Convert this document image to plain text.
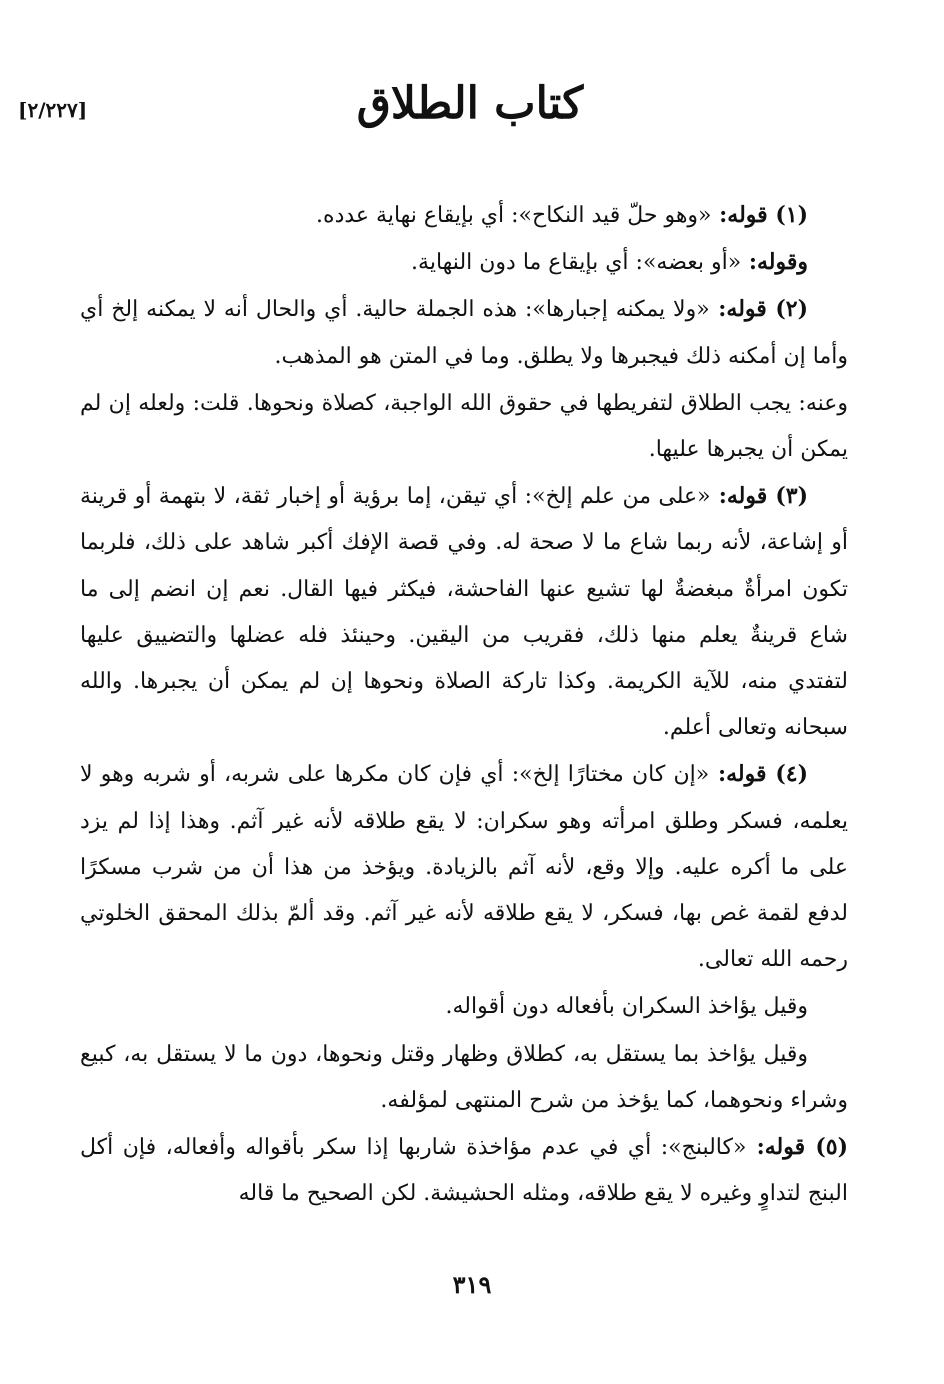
[٢/٢٢٧]	كتاب الطلاق

(١) قوله: «وهو حلّ قيد النكاح»: أي بإيقاع نهاية عدده.

وقوله: «أو بعضه»: أي بإيقاع ما دون النهاية.

(٢) قوله: «ولا يمكنه إجبارها»: هذه الجملة حالية. أي والحال أنه لا يمكنه إلخ أي وأما إن أمكنه ذلك فيجبرها ولا يطلق. وما في المتن هو المذهب.

وعنه: يجب الطلاق لتفريطها في حقوق الله الواجبة، كصلاة ونحوها. قلت: ولعله إن لم يمكن أن يجبرها عليها.

(٣) قوله: «على من علم إلخ»: أي تيقن، إما برؤية أو إخبار ثقة، لا بتهمة أو قرينة أو إشاعة، لأنه ربما شاع ما لا صحة له. وفي قصة الإفك أكبر شاهد على ذلك، فلربما تكون امرأةٌ مبغضةٌ لها تشيع عنها الفاحشة، فيكثر فيها القال. نعم إن انضم إلى ما شاع قرينةٌ يعلم منها ذلك، فقريب من اليقين. وحينئذ فله عضلها والتضييق عليها لتفتدي منه، للآية الكريمة. وكذا تاركة الصلاة ونحوها إن لم يمكن أن يجبرها. والله سبحانه وتعالى أعلم.

(٤) قوله: «إن كان مختارًا إلخ»: أي فإن كان مكرها على شربه، أو شربه وهو لا يعلمه، فسكر وطلق امرأته وهو سكران: لا يقع طلاقه لأنه غير آثم. وهذا إذا لم يزد على ما أكره عليه. وإلا وقع، لأنه آثم بالزيادة. ويؤخذ من هذا أن من شرب مسكرًا لدفع لقمة غص بها، فسكر، لا يقع طلاقه لأنه غير آثم. وقد ألمّ بذلك المحقق الخلوتي رحمه الله تعالى.

وقيل يؤاخذ السكران بأفعاله دون أقواله.

وقيل يؤاخذ بما يستقل به، كطلاق وظهار وقتل ونحوها، دون ما لا يستقل به، كبيع وشراء ونحوهما، كما يؤخذ من شرح المنتهى لمؤلفه.

(٥) قوله: «كالبنج»: أي في عدم مؤاخذة شاربها إذا سكر بأقواله وأفعاله، فإن أكل البنج لتداوٍ وغيره لا يقع طلاقه، ومثله الحشيشة. لكن الصحيح ما قاله

٣١٩
